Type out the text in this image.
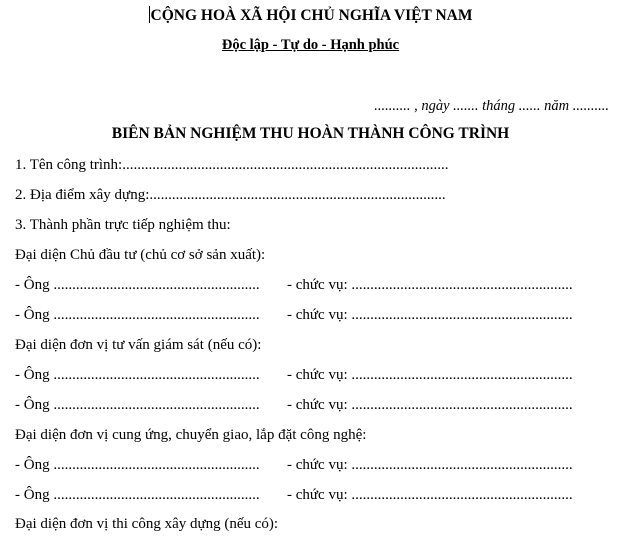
CỘNG HOÀ XÃ HỘI CHỦ NGHĨA VIỆT NAM
Độc lập - Tự do - Hạnh phúc
.......... , ngày ....... tháng ...... năm ..........
BIÊN BẢN NGHIỆM THU HOÀN THÀNH CÔNG TRÌNH
1. Tên công trình:.......................................................................................
2. Địa điểm xây dựng:...............................................................................
3. Thành phần trực tiếp nghiệm thu:
Đại diện Chủ đầu tư (chủ cơ sở sản xuất):

- Ông .......................................................

- chức vụ: ...........................................................

- Ông .......................................................

- chức vụ: ...........................................................

Đại diện đơn vị tư vấn giám sát (nếu có):

- Ông .......................................................

- chức vụ: ...........................................................

- Ông .......................................................

- chức vụ: ...........................................................

Đại diện đơn vị cung ứng, chuyển giao, lắp đặt công nghệ:

- Ông .......................................................

- chức vụ: ...........................................................

- Ông .......................................................

- chức vụ: ...........................................................

Đại diện đơn vị thi công xây dựng (nếu có):
